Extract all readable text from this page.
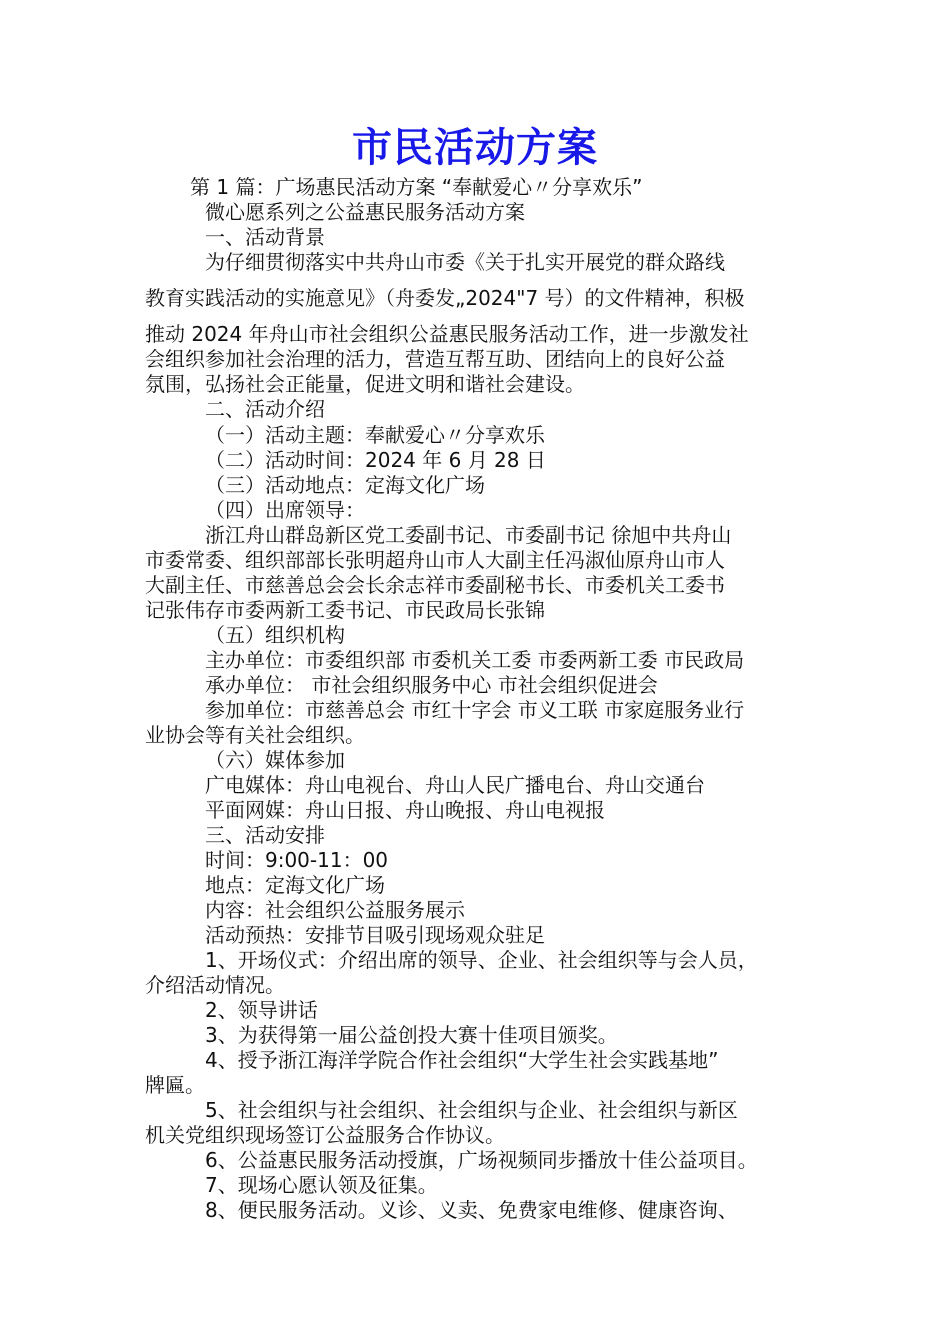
市民活动方案
第 1 篇：广场惠民活动方案 “奉献爱心〃分享欢乐”
微心愿系列之公益惠民服务活动方案
一、活动背景
为仔细贯彻落实中共舟山市委《关于扎实开展党的群众路线
教育实践活动的实施意见》（舟委发„2024"7 号）的文件精神，积极
推动 2024 年舟山市社会组织公益惠民服务活动工作，进一步激发社
会组织参加社会治理的活力，营造互帮互助、团结向上的良好公益
氛围，弘扬社会正能量，促进文明和谐社会建设。
二、活动介绍
（一）活动主题：奉献爱心〃分享欢乐
（二）活动时间：2024 年 6 月 28 日
（三）活动地点：定海文化广场
（四）出席领导：
浙江舟山群岛新区党工委副书记、市委副书记 徐旭中共舟山
市委常委、组织部部长张明超舟山市人大副主任冯淑仙原舟山市人
大副主任、市慈善总会会长余志祥市委副秘书长、市委机关工委书
记张伟存市委两新工委书记、市民政局长张锦
（五）组织机构
主办单位：市委组织部 市委机关工委 市委两新工委 市民政局
承办单位： 市社会组织服务中心 市社会组织促进会
参加单位：市慈善总会 市红十字会 市义工联 市家庭服务业行
业协会等有关社会组织。
（六）媒体参加
广电媒体：舟山电视台、舟山人民广播电台、舟山交通台
平面网媒：舟山日报、舟山晚报、舟山电视报
三、活动安排
时间：9:00-11：00
地点：定海文化广场
内容：社会组织公益服务展示
活动预热：安排节目吸引现场观众驻足
1、开场仪式：介绍出席的领导、企业、社会组织等与会人员，
介绍活动情况。
2、领导讲话
3、为获得第一届公益创投大赛十佳项目颁奖。
4、授予浙江海洋学院合作社会组织“大学生社会实践基地”
牌匾。
5、社会组织与社会组织、社会组织与企业、社会组织与新区
机关党组织现场签订公益服务合作协议。
6、公益惠民服务活动授旗，广场视频同步播放十佳公益项目。
7、现场心愿认领及征集。
8、便民服务活动。义诊、义卖、免费家电维修、健康咨询、
